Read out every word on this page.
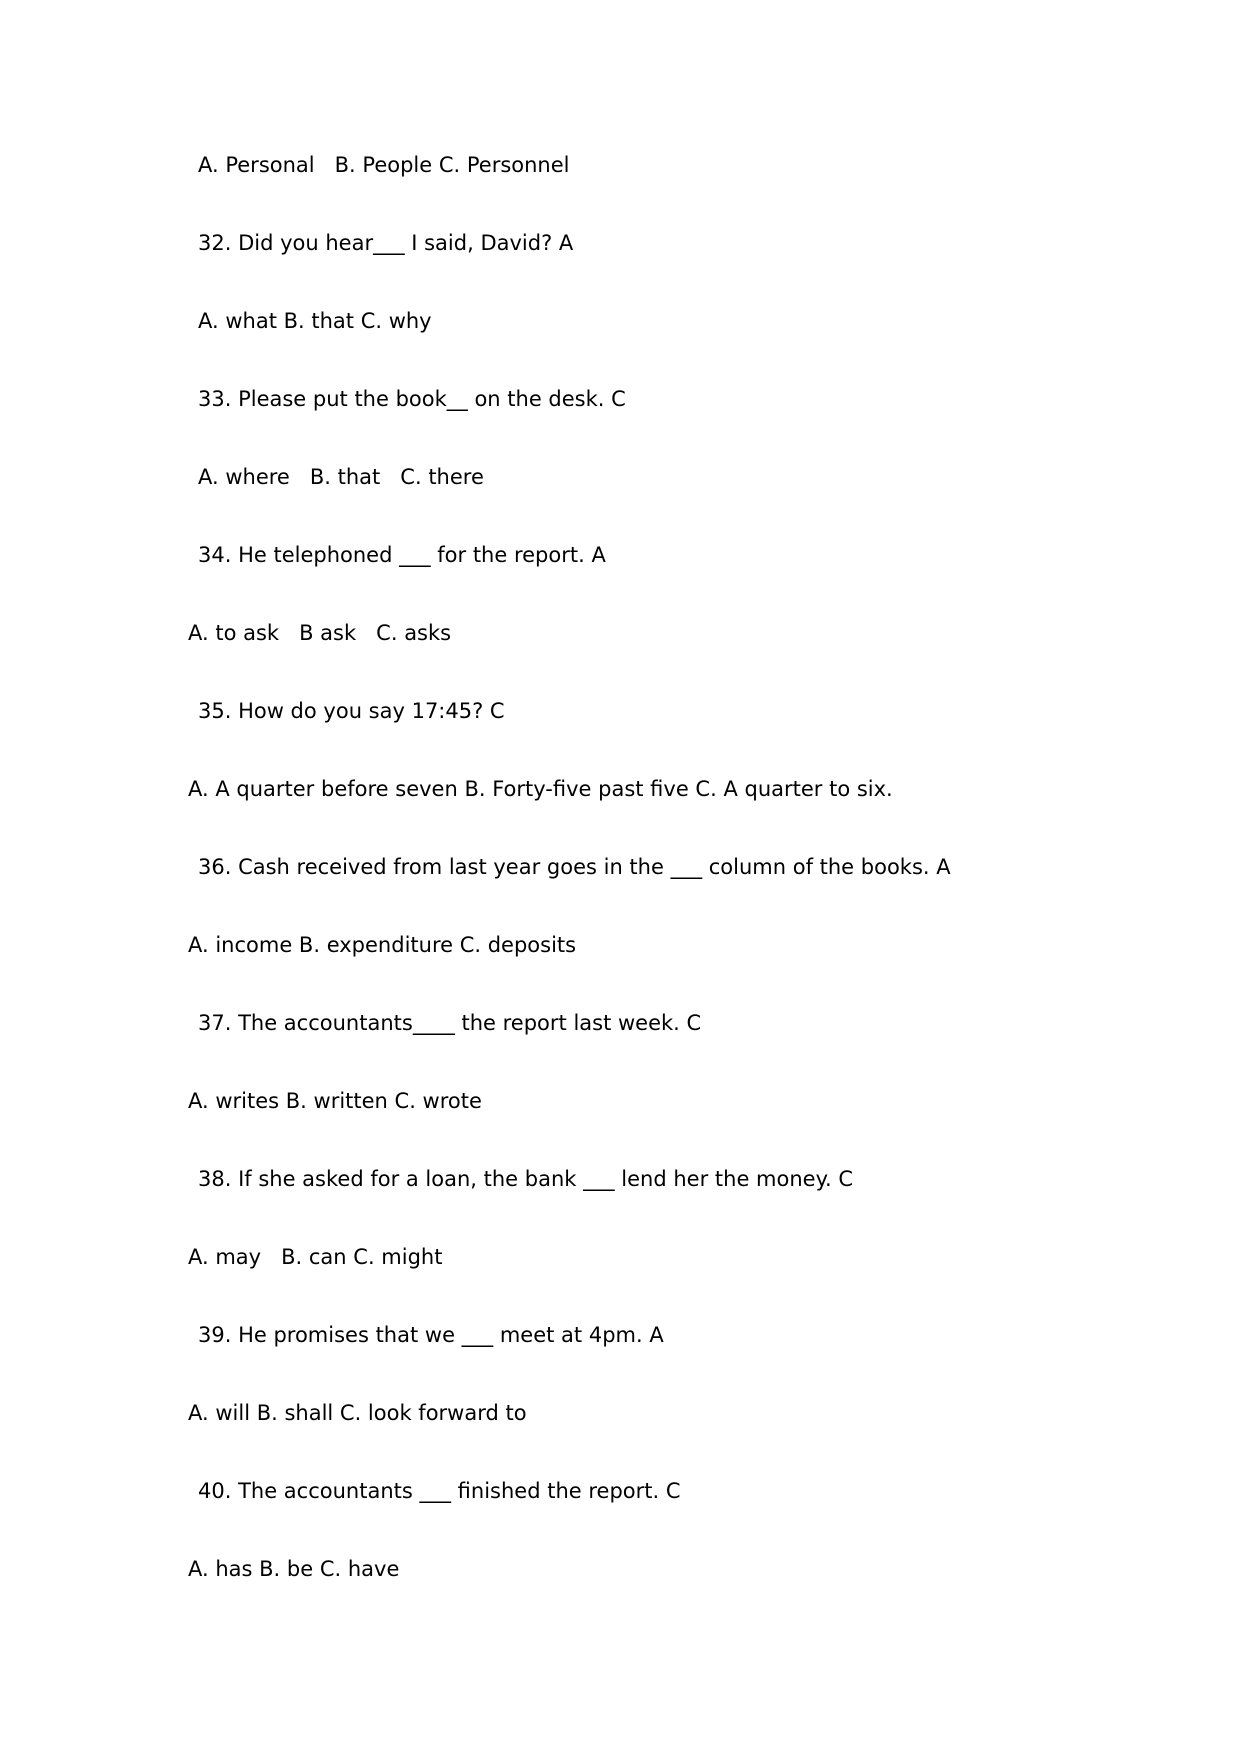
A. Personal   B. People C. Personnel
32. Did you hear___ I said, David? A
A. what B. that C. why
33. Please put the book__ on the desk. C
A. where   B. that   C. there
34. He telephoned ___ for the report. A
A. to ask   B ask   C. asks
35. How do you say 17:45? C
A. A quarter before seven B. Forty-five past five C. A quarter to six.
36. Cash received from last year goes in the ___ column of the books. A
A. income B. expenditure C. deposits
37. The accountants____ the report last week. C
A. writes B. written C. wrote
38. If she asked for a loan, the bank ___ lend her the money. C
A. may   B. can C. might
39. He promises that we ___ meet at 4pm. A
A. will B. shall C. look forward to
40. The accountants ___ finished the report. C
A. has B. be C. have
